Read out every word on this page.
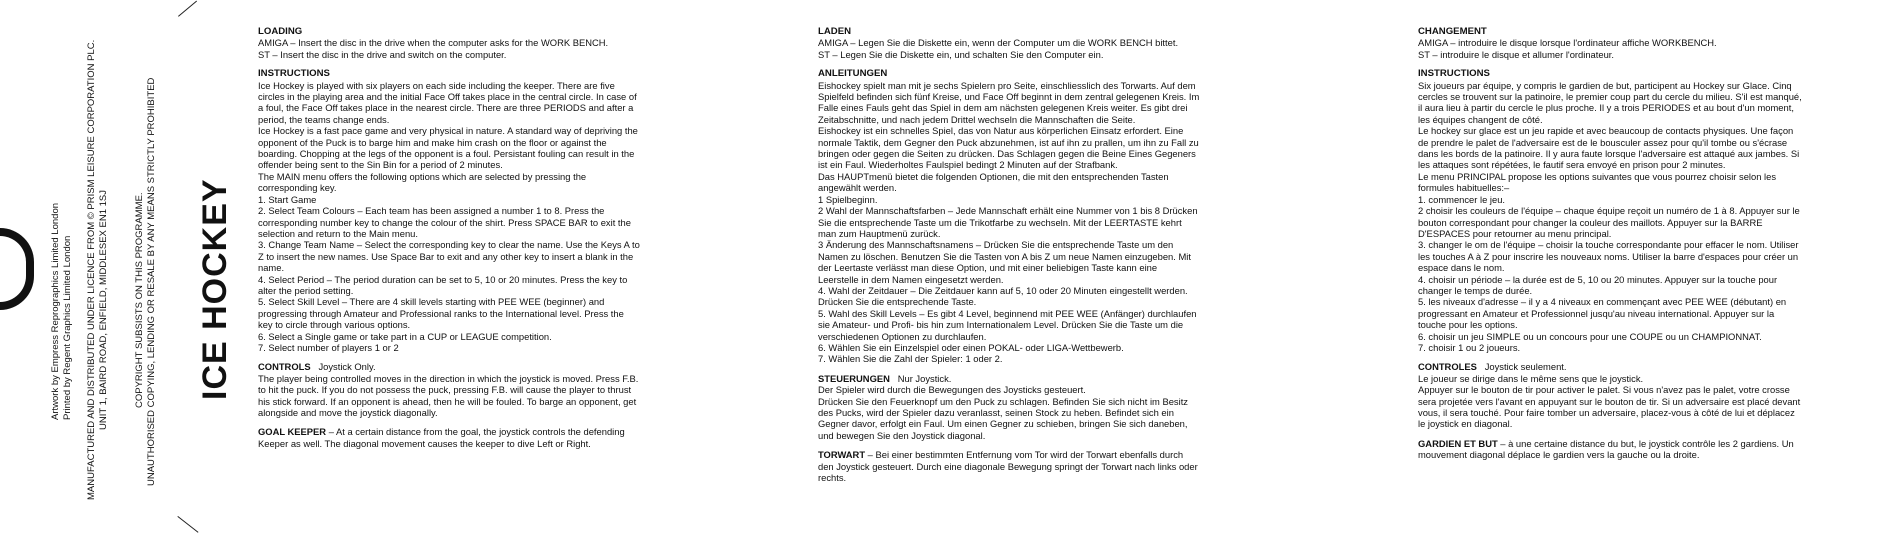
Artwork by Empress Reprographics Limited London Printed by Regent Graphics Limited London MANUFACTURED AND DISTRIBUTED UNDER LICENCE FROM © PRISM LEISURE CORPORATION PLC. UNIT 1, BAIRD ROAD, ENFIELD, MIDDLESEX EN1 1SJ	COPYRIGHT SUBSISTS ON THIS PROGRAMME. UNAUTHORISED COPYING, LENDING OR RESALE BY ANY MEANS STRICTLY PROHIBITED ICE HOCKEY
LOADING

AMIGA – Insert the disc in the drive when the computer asks for the WORK BENCH.

ST – Insert the disc in the drive and switch on the computer.

INSTRUCTIONS

Ice Hockey is played with six players on each side including the keeper. There are five circles in the playing area and the initial Face Off takes place in the central circle. In case of a foul, the Face Off takes place in the nearest circle. There are three PERIODS and after a period, the teams change ends.
Ice Hockey is a fast pace game and very physical in nature. A standard way of depriving the opponent of the Puck is to barge him and make him crash on the floor or against the boarding. Chopping at the legs of the opponent is a foul. Persistant fouling can result in the offender being sent to the Sin Bin for a period of 2 minutes.
The MAIN menu offers the following options which are selected by pressing the corresponding key.

1. Start Game

2. Select Team Colours – Each team has been assigned a number 1 to 8. Press the corresponding number key to change the colour of the shirt. Press SPACE BAR to exit the selection and return to the Main menu.

3. Change Team Name – Select the corresponding key to clear the name. Use the Keys A to Z to insert the new names. Use Space Bar to exit and any other key to insert a blank in the name.

4. Select Period – The period duration can be set to 5, 10 or 20 minutes. Press the key to alter the period setting.

5. Select Skill Level – There are 4 skill levels starting with PEE WEE (beginner) and progressing through Amateur and Professional ranks to the International level. Press the key to circle through various options.

6. Select a Single game or take part in a CUP or LEAGUE competition.

7. Select number of players 1 or 2

CONTROLS Joystick Only.

The player being controlled moves in the direction in which the joystick is moved. Press F.B. to hit the puck. If you do not possess the puck, pressing F.B. will cause the player to thrust his stick forward. If an opponent is ahead, then he will be fouled. To barge an opponent, get alongside and move the joystick diagonally.

GOAL KEEPER – At a certain distance from the goal, the joystick controls the defending Keeper as well. The diagonal movement causes the keeper to dive Left or Right.

LADEN

AMIGA – Legen Sie die Diskette ein, wenn der Computer um die WORK BENCH bittet.

ST – Legen Sie die Diskette ein, und schalten Sie den Computer ein.

ANLEITUNGEN

Eishockey spielt man mit je sechs Spielern pro Seite, einschliesslich des Torwarts. Auf dem Spielfeld befinden sich fünf Kreise, und Face Off beginnt in dem zentral gelegenen Kreis. Im Falle eines Fauls geht das Spiel in dem am nächsten gelegenen Kreis weiter. Es gibt drei Zeitabschnitte, und nach jedem Drittel wechseln die Mannschaften die Seite.
Eishockey ist ein schnelles Spiel, das von Natur aus körperlichen Einsatz erfordert. Eine normale Taktik, dem Gegner den Puck abzunehmen, ist auf ihn zu prallen, um ihn zu Fall zu bringen oder gegen die Seiten zu drücken. Das Schlagen gegen die Beine Eines Gegeners ist ein Faul. Wiederholtes Faulspiel bedingt 2 Minuten auf der Strafbank.
Das HAUPTmenü bietet die folgenden Optionen, die mit den entsprechenden Tasten angewählt werden.

1 Spielbeginn.

2 Wahl der Mannschaftsfarben – Jede Mannschaft erhält eine Nummer von 1 bis 8 Drücken Sie die entsprechende Taste um die Trikotfarbe zu wechseln. Mit der LEERTASTE kehrt man zum Hauptmenü zurück.

3 Änderung des Mannschaftsnamens – Drücken Sie die entsprechende Taste um den Namen zu löschen. Benutzen Sie die Tasten von A bis Z um neue Namen einzugeben. Mit der Leertaste verlässt man diese Option, und mit einer beliebigen Taste kann eine Leerstelle in dem Namen eingesetzt werden.

4. Wahl der Zeitdauer – Die Zeitdauer kann auf 5, 10 oder 20 Minuten eingestellt werden. Drücken Sie die entsprechende Taste.

5. Wahl des Skill Levels – Es gibt 4 Level, beginnend mit PEE WEE (Anfänger) durchlaufen sie Amateur- und Profi- bis hin zum Internationalem Level. Drücken Sie die Taste um die verschiedenen Optionen zu durchlaufen.

6. Wählen Sie ein Einzelspiel oder einen POKAL- oder LIGA-Wettbewerb.

7. Wählen Sie die Zahl der Spieler: 1 oder 2.

STEUERUNGEN Nur Joystick.

Der Spieler wird durch die Bewegungen des Joysticks gesteuert.
Drücken Sie den Feuerknopf um den Puck zu schlagen. Befinden Sie sich nicht im Besitz des Pucks, wird der Spieler dazu veranlasst, seinen Stock zu heben. Befindet sich ein Gegner davor, erfolgt ein Faul. Um einen Gegner zu schieben, bringen Sie sich daneben, und bewegen Sie den Joystick diagonal.

TORWART – Bei einer bestimmten Entfernung vom Tor wird der Torwart ebenfalls durch den Joystick gesteuert. Durch eine diagonale Bewegung springt der Torwart nach links oder rechts.

CHANGEMENT

AMIGA – introduire le disque lorsque l'ordinateur affiche WORKBENCH.

ST – introduire le disque et allumer l'ordinateur.

INSTRUCTIONS

Six joueurs par équipe, y compris le gardien de but, participent au Hockey sur Glace. Cinq cercles se trouvent sur la patinoire, le premier coup part du cercle du milieu. S'il est manqué, il aura lieu à partir du cercle le plus proche. Il y a trois PERIODES et au bout d'un moment, les équipes changent de côté.
Le hockey sur glace est un jeu rapide et avec beaucoup de contacts physiques. Une façon de prendre le palet de l'adversaire est de le bousculer assez pour qu'il tombe ou s'écrase dans les bords de la patinoire. Il y aura faute lorsque l'adversaire est attaqué aux jambes. Si les attaques sont répétées, le fautif sera envoyé en prison pour 2 minutes.
Le menu PRINCIPAL propose les options suivantes que vous pourrez choisir selon les formules habituelles:–

1. commencer le jeu.

2 choisir les couleurs de l'équipe – chaque équipe reçoit un numéro de 1 à 8. Appuyer sur le bouton correspondant pour changer la couleur des maillots. Appuyer sur la BARRE D'ESPACES pour retourner au menu principal.

3. changer le om de l'équipe – choisir la touche correspondante pour effacer le nom. Utiliser les touches A à Z pour inscrire les nouveaux noms. Utiliser la barre d'espaces pour créer un espace dans le nom.

4. choisir un période – la durée est de 5, 10 ou 20 minutes. Appuyer sur la touche pour changer le temps de durée.

5. les niveaux d'adresse – il y a 4 niveaux en commençant avec PEE WEE (débutant) en progressant en Amateur et Professionnel jusqu'au niveau international. Appuyer sur la touche pour les options.

6. choisir un jeu SIMPLE ou un concours pour une COUPE ou un CHAMPIONNAT.

7. choisir 1 ou 2 joueurs.

CONTROLES Joystick seulement.

Le joueur se dirige dans le même sens que le joystick.
Appuyer sur le bouton de tir pour activer le palet. Si vous n'avez pas le palet, votre crosse sera projetée vers l'avant en appuyant sur le bouton de tir. Si un adversaire est placé devant vous, il sera touché. Pour faire tomber un adversaire, placez-vous à côté de lui et déplacez le joystick en diagonal.

GARDIEN ET BUT – à une certaine distance du but, le joystick contrôle les 2 gardiens. Un mouvement diagonal déplace le gardien vers la gauche ou la droite.
